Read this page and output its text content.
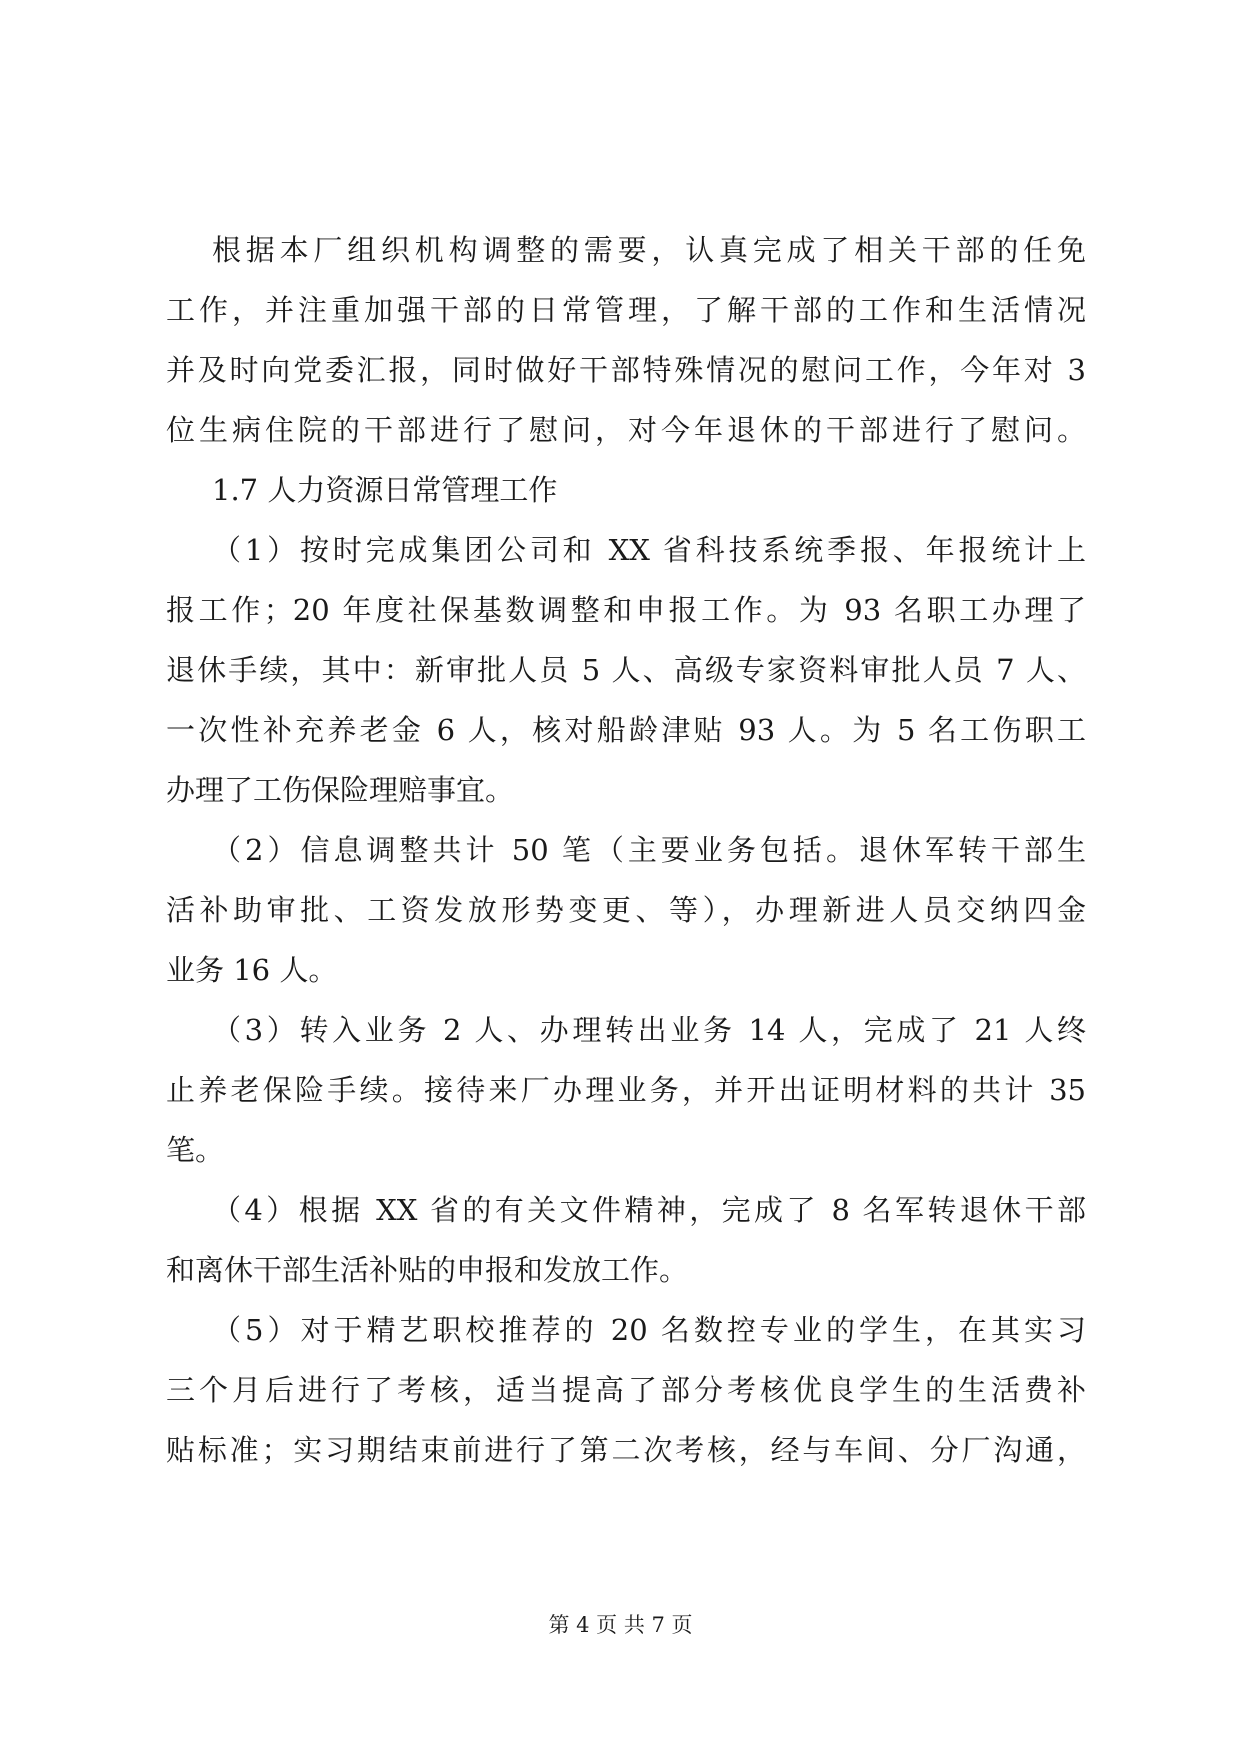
根据本厂组织机构调整的需要，认真完成了相关干部的任免
工作，并注重加强干部的日常管理，了解干部的工作和生活情况
并及时向党委汇报，同时做好干部特殊情况的慰问工作，今年对 3
位生病住院的干部进行了慰问，对今年退休的干部进行了慰问。
1.7 人力资源日常管理工作
（1）按时完成集团公司和 XX 省科技系统季报、年报统计上
报工作；20 年度社保基数调整和申报工作。为 93 名职工办理了
退休手续，其中：新审批人员 5 人、高级专家资料审批人员 7 人、
一次性补充养老金 6 人，核对船龄津贴 93 人。为 5 名工伤职工
办理了工伤保险理赔事宜。
（2）信息调整共计 50 笔（主要业务包括。退休军转干部生
活补助审批、工资发放形势变更、等），办理新进人员交纳四金
业务 16 人。
（3）转入业务 2 人、办理转出业务 14 人，完成了 21 人终
止养老保险手续。接待来厂办理业务，并开出证明材料的共计 35
笔。
（4）根据 XX 省的有关文件精神，完成了 8 名军转退休干部
和离休干部生活补贴的申报和发放工作。
（5）对于精艺职校推荐的 20 名数控专业的学生，在其实习
三个月后进行了考核，适当提高了部分考核优良学生的生活费补
贴标准；实习期结束前进行了第二次考核，经与车间、分厂沟通，
第 4 页 共 7 页
